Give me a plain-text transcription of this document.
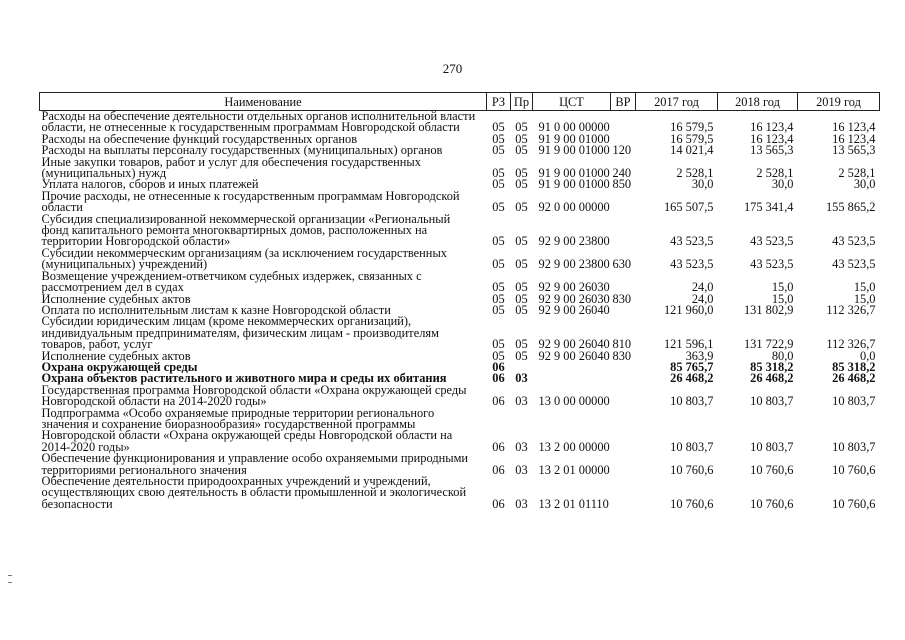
270
Наименование	РЗ	Пр	ЦСТ	ВР	2017 год	2018 год	2019 год
Расходы на обеспечение деятельности отдельных органов исполнительной власти области, не отнесенные к государственным программам Новгородской области	05	05	91 0 00 00000		16 579,5	16 123,4	16 123,4
Расходы на обеспечение функций государственных органов	05	05	91 9 00 01000		16 579,5	16 123,4	16 123,4
Расходы на выплаты персоналу государственных (муниципальных) органов	05	05	91 9 00 01000	120	14 021,4	13 565,3	13 565,3
Иные закупки товаров, работ и услуг для обеспечения государственных (муниципальных) нужд	05	05	91 9 00 01000	240	2 528,1	2 528,1	2 528,1
Уплата налогов, сборов и иных платежей	05	05	91 9 00 01000	850	30,0	30,0	30,0
Прочие расходы, не отнесенные к государственным программам Новгородской области	05	05	92 0 00 00000		165 507,5	175 341,4	155 865,2
Субсидия специализированной некоммерческой организации «Региональный фонд капитального ремонта многоквартирных домов, расположенных на территории Новгородской области»	05	05	92 9 00 23800		43 523,5	43 523,5	43 523,5
Субсидии некоммерческим организациям (за исключением государственных (муниципальных) учреждений)	05	05	92 9 00 23800	630	43 523,5	43 523,5	43 523,5
Возмещение учреждением-ответчиком судебных издержек, связанных с рассмотрением дел в судах	05	05	92 9 00 26030		24,0	15,0	15,0
Исполнение судебных актов	05	05	92 9 00 26030	830	24,0	15,0	15,0
Оплата по исполнительным листам к казне Новгородской области	05	05	92 9 00 26040		121 960,0	131 802,9	112 326,7
Субсидии юридическим лицам (кроме некоммерческих организаций), индивидуальным предпринимателям, физическим лицам - производителям товаров, работ, услуг	05	05	92 9 00 26040	810	121 596,1	131 722,9	112 326,7
Исполнение судебных актов	05	05	92 9 00 26040	830	363,9	80,0	0,0
Охрана окружающей среды	06				85 765,7	85 318,2	85 318,2
Охрана объектов растительного и животного мира и среды их обитания	06	03			26 468,2	26 468,2	26 468,2
Государственная программа Новгородской области «Охрана окружающей среды Новгородской области на 2014-2020 годы»	06	03	13 0 00 00000		10 803,7	10 803,7	10 803,7
Подпрограмма «Особо охраняемые природные территории регионального значения и сохранение биоразнообразия» государственной программы Новгородской области «Охрана окружающей среды Новгородской области на 2014-2020 годы»	06	03	13 2 00 00000		10 803,7	10 803,7	10 803,7
Обеспечение функционирования и управление особо охраняемыми природными территориями регионального значения	06	03	13 2 01 00000		10 760,6	10 760,6	10 760,6
Обеспечение деятельности природоохранных учреждений и учреждений, осуществляющих свою деятельность в области промышленной и экологической безопасности	06	03	13 2 01 01110		10 760,6	10 760,6	10 760,6
